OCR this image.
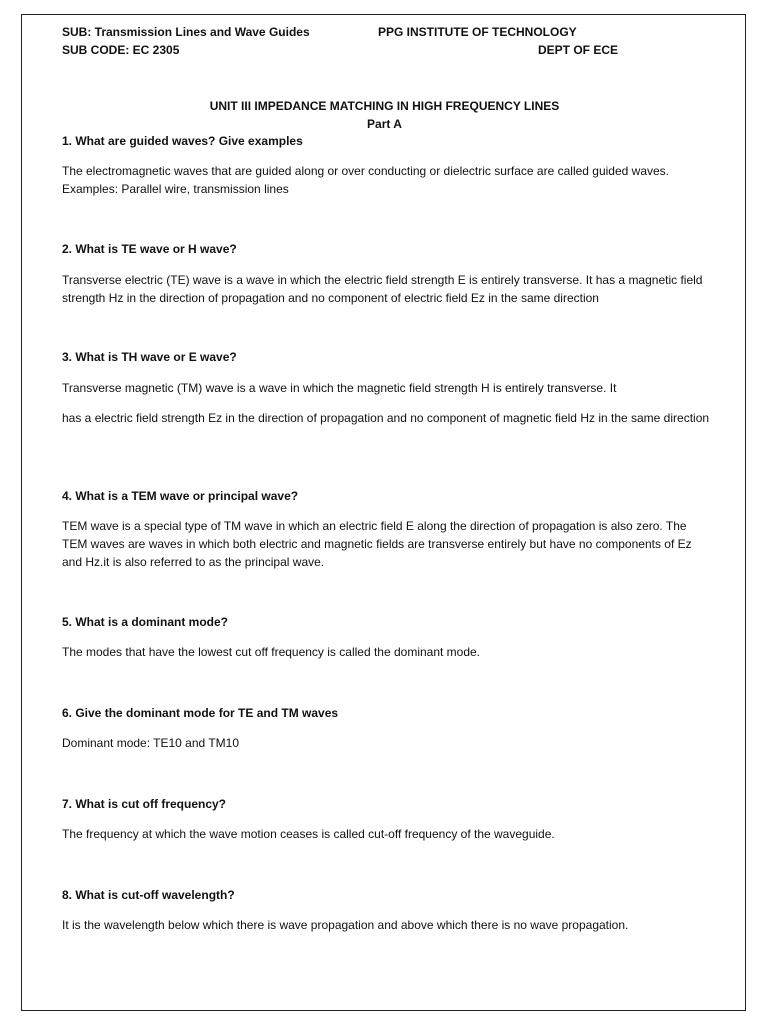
SUB: Transmission Lines and Wave Guides	PPG INSTITUTE OF TECHNOLOGY
SUB CODE: EC 2305	DEPT OF ECE
UNIT III IMPEDANCE MATCHING IN HIGH FREQUENCY LINES
Part A
1. What are guided waves? Give examples
The electromagnetic waves that are guided along or over conducting or dielectric surface are called guided waves. Examples: Parallel wire, transmission lines
2. What is TE wave or H wave?
Transverse electric (TE) wave is a wave in which the electric field strength E is entirely transverse. It has a magnetic field strength Hz in the direction of propagation and no component of electric field Ez in the same direction
3. What is TH wave or E wave?
Transverse magnetic (TM) wave is a wave in which the magnetic field strength H is entirely transverse. It
has a electric field strength Ez in the direction of propagation and no component of magnetic field Hz in the same direction
4. What is a TEM wave or principal wave?
TEM wave is a special type of TM wave in which an electric field E along the direction of propagation is also zero. The TEM waves are waves in which both electric and magnetic fields are transverse entirely but have no components of Ez and Hz.it is also referred to as the principal wave.
5. What is a dominant mode?
The modes that have the lowest cut off frequency is called the dominant mode.
6. Give the dominant mode for TE and TM waves
Dominant mode: TE10 and TM10
7. What is cut off frequency?
The frequency at which the wave motion ceases is called cut-off frequency of the waveguide.
8. What is cut-off wavelength?
It is the wavelength below which there is wave propagation and above which there is no wave propagation.
